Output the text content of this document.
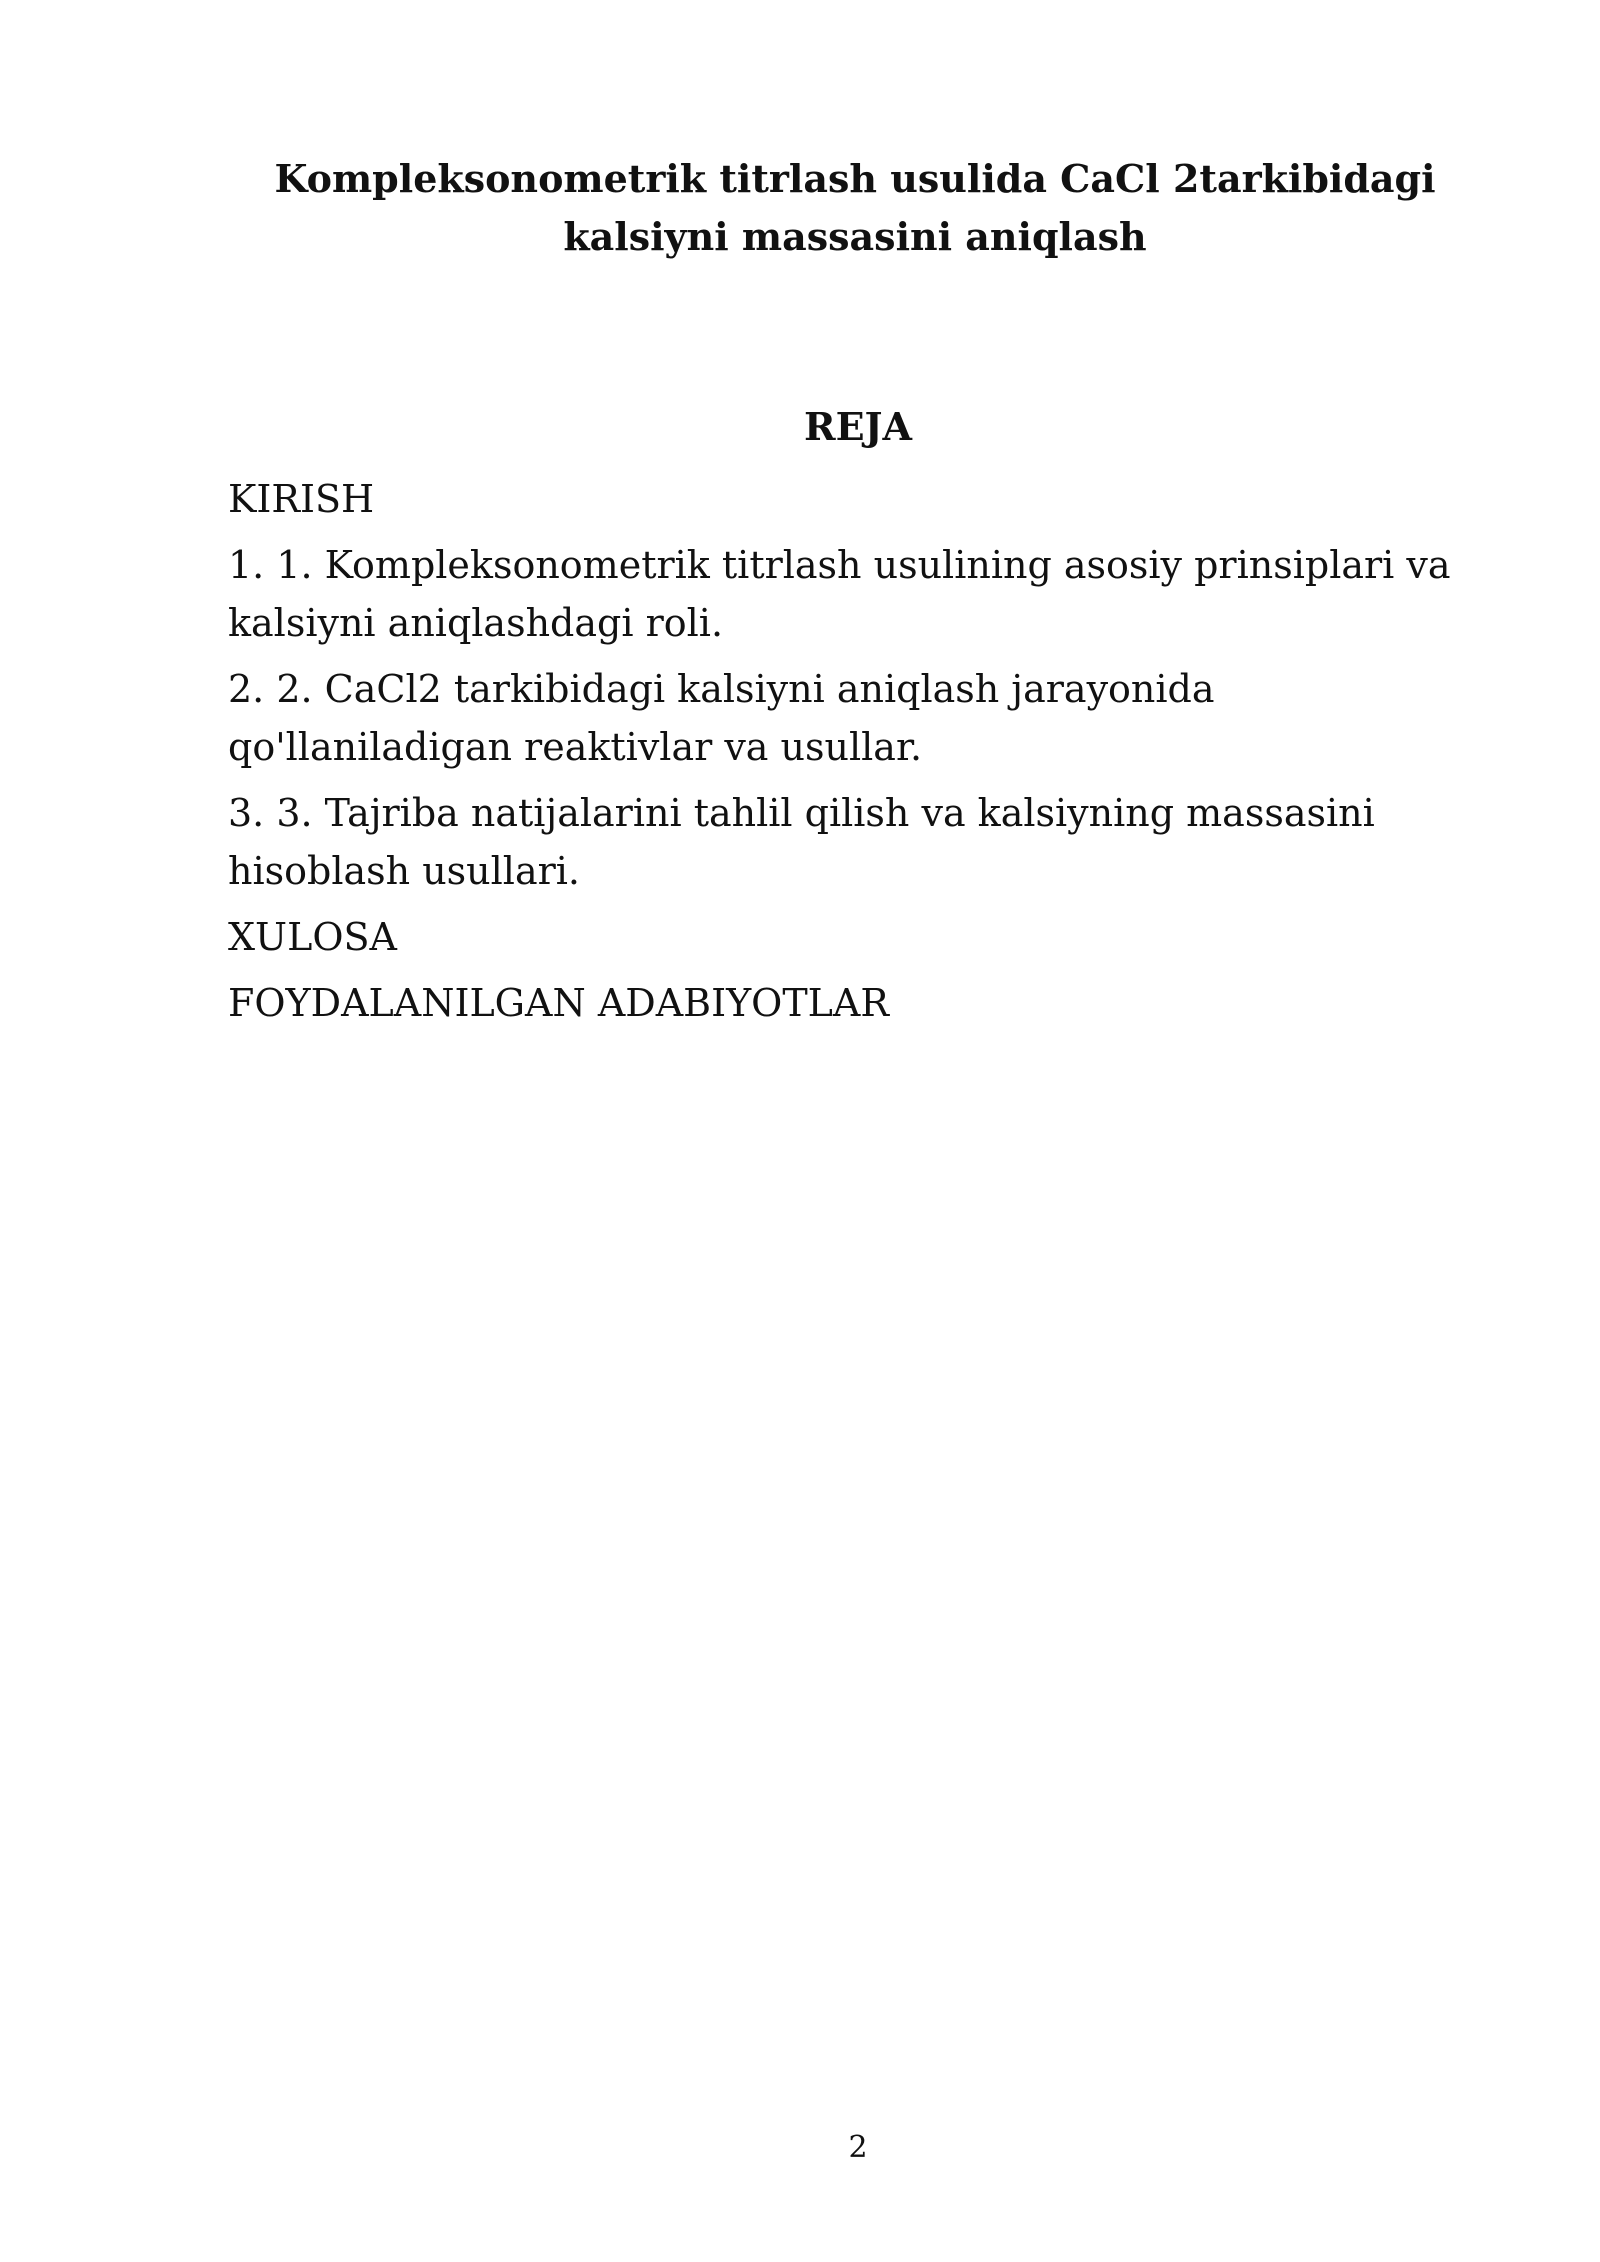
Kompleksonometrik titrlash usulida CaCl 2tarkibidagi kalsiyni massasini aniqlash
REJA
KIRISH
1. 1. Kompleksonometrik titrlash usulining asosiy prinsiplari va kalsiyni aniqlashdagi roli.
2. 2. CaCl2 tarkibidagi kalsiyni aniqlash jarayonida qo'llaniladigan reaktivlar va usullar.
3. 3. Tajriba natijalarini tahlil qilish va kalsiyning massasini hisoblash usullari.
XULOSA
FOYDALANILGAN ADABIYOTLAR
2
